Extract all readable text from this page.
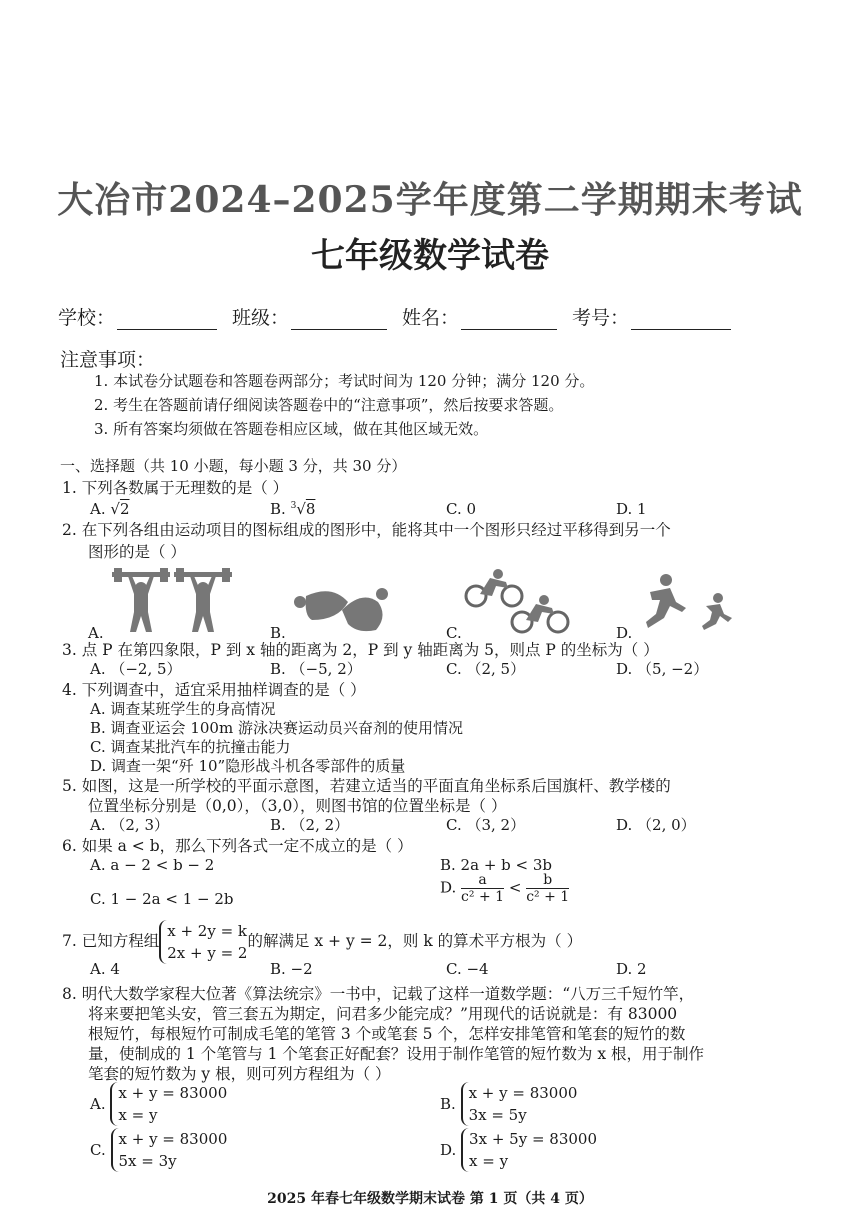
大冶市2024–2025学年度第二学期期末考试
七年级数学试卷
学校：	班级：	姓名：	考号：
注意事项：
1. 本试卷分试题卷和答题卷两部分；考试时间为 120 分钟；满分 120 分。
2. 考生在答题前请仔细阅读答题卷中的“注意事项”，然后按要求答题。
3. 所有答案均须做在答题卷相应区域，做在其他区域无效。
一、选择题（共 10 小题，每小题 3 分，共 30 分）
1. 下列各数属于无理数的是（ ）
A. √2	B. $^3$√8	C. 0	D. 1
2. 在下列各组由运动项目的图标组成的图形中，能将其中一个图形只经过平移得到另一个
图形的是（ ）
A.	B.	C.	D.
3. 点 P 在第四象限，P 到 x 轴的距离为 2，P 到 y 轴距离为 5，则点 P 的坐标为（ ）
A. （−2, 5）	B. （−5, 2）	C. （2, 5）	D. （5, −2）
4. 下列调查中，适宜采用抽样调查的是（ ）
A. 调查某班学生的身高情况
B. 调查亚运会 100m 游泳决赛运动员兴奋剂的使用情况
C. 调查某批汽车的抗撞击能力
D. 调查一架“歼 10”隐形战斗机各零部件的质量
5. 如图，这是一所学校的平面示意图，若建立适当的平面直角坐标系后国旗杆、教学楼的
位置坐标分别是（0,0），（3,0），则图书馆的位置坐标是（ ）
A. （2, 3）	B. （2, 2）	C. （3, 2）	D. （2, 0）
6. 如果 a < b，那么下列各式一定不成立的是（ ）
A. a − 2 < b − 2	B. 2a + b < 3b
C. 1 − 2a < 1 − 2b
D. $\frac{a}{\text{c² + 1}} < \frac{b}{\text{c² + 1}}$
7. 已知方程组
x + 2y = k
2x + y = 2
的解满足 x + y = 2，则 k 的算术平方根为（ ）
A. 4	B. −2	C. −4	D. 2
8. 明代大数学家程大位著《算法统宗》一书中，记载了这样一道数学题：“八万三千短竹竿，
将来要把笔头安，管三套五为期定，问君多少能完成？”用现代的话说就是：有 83000
根短竹，每根短竹可制成毛笔的笔管 3 个或笔套 5 个，怎样安排笔管和笔套的短竹的数
量，使制成的 1 个笔管与 1 个笔套正好配套？设用于制作笔管的短竹数为 x 根，用于制作
笔套的短竹数为 y 根，则可列方程组为（ ）
A.
x + y = 83000
x = y
B.
x + y = 83000
3x = 5y
C.
x + y = 83000
5x = 3y
D.
3x + 5y = 83000
x = y
2025 年春七年级数学期末试卷 第 1 页（共 4 页）
